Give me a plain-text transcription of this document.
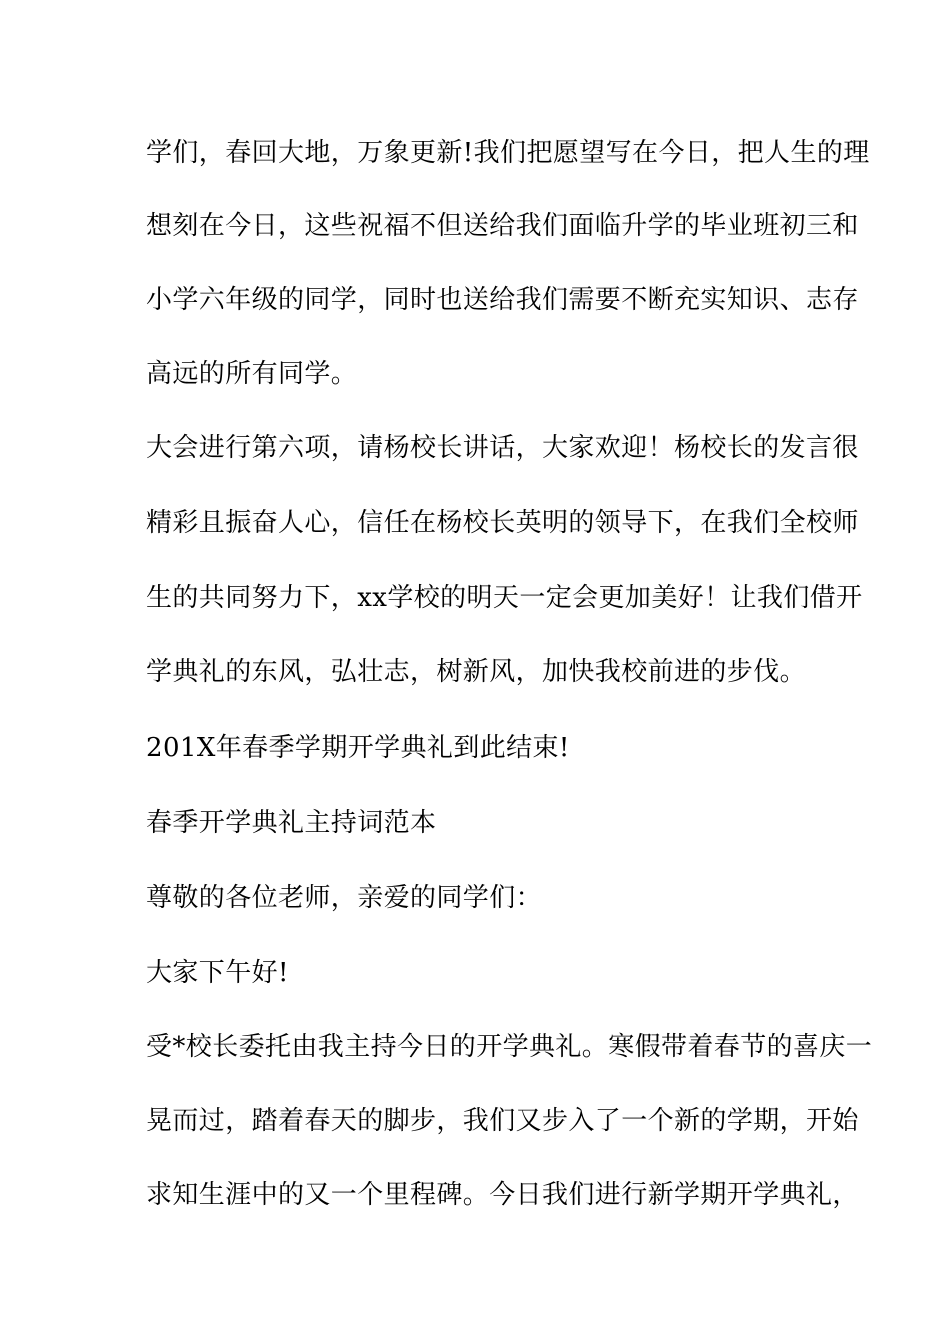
学们，春回大地，万象更新!我们把愿望写在今日，把人生的理
想刻在今日，这些祝福不但送给我们面临升学的毕业班初三和
小学六年级的同学，同时也送给我们需要不断充实知识、志存
高远的所有同学。
大会进行第六项，请杨校长讲话，大家欢迎！杨校长的发言很
精彩且振奋人心，信任在杨校长英明的领导下，在我们全校师
生的共同努力下，xx学校的明天一定会更加美好！让我们借开
学典礼的东风，弘壮志，树新风，加快我校前进的步伐。
201X年春季学期开学典礼到此结束!
春季开学典礼主持词范本
尊敬的各位老师，亲爱的同学们：
大家下午好!
受*校长委托由我主持今日的开学典礼。寒假带着春节的喜庆一
晃而过，踏着春天的脚步，我们又步入了一个新的学期，开始
求知生涯中的又一个里程碑。今日我们进行新学期开学典礼，
